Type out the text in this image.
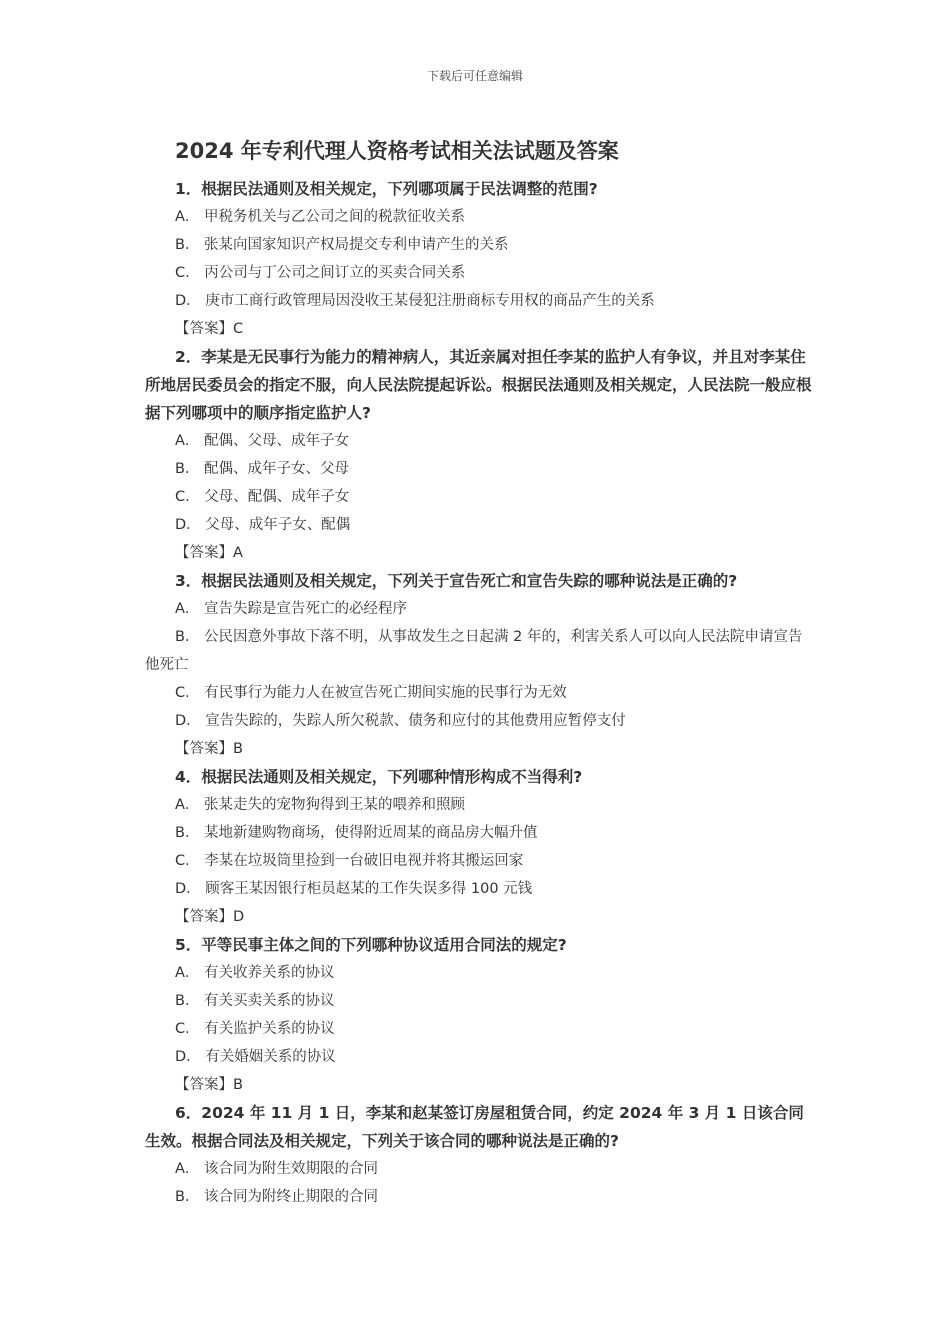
下载后可任意编辑
2024 年专利代理人资格考试相关法试题及答案

1．根据民法通则及相关规定，下列哪项属于民法调整的范围?

A． 甲税务机关与乙公司之间的税款征收关系

B． 张某向国家知识产权局提交专利申请产生的关系

C． 丙公司与丁公司之间订立的买卖合同关系

D． 庚市工商行政管理局因没收王某侵犯注册商标专用权的商品产生的关系

【答案】C

2．李某是无民事行为能力的精神病人，其近亲属对担任李某的监护人有争议，并且对李某住所地居民委员会的指定不服，向人民法院提起诉讼。根据民法通则及相关规定，人民法院一般应根据下列哪项中的顺序指定监护人?

A． 配偶、父母、成年子女

B． 配偶、成年子女、父母

C． 父母、配偶、成年子女

D． 父母、成年子女、配偶

【答案】A

3．根据民法通则及相关规定，下列关于宣告死亡和宣告失踪的哪种说法是正确的?

A． 宣告失踪是宣告死亡的必经程序

B． 公民因意外事故下落不明，从事故发生之日起满 2 年的，利害关系人可以向人民法院申请宣告他死亡

C． 有民事行为能力人在被宣告死亡期间实施的民事行为无效

D． 宣告失踪的，失踪人所欠税款、债务和应付的其他费用应暂停支付

【答案】B

4．根据民法通则及相关规定，下列哪种情形构成不当得利?

A． 张某走失的宠物狗得到王某的喂养和照顾

B． 某地新建购物商场，使得附近周某的商品房大幅升值

C． 李某在垃圾筒里捡到一台破旧电视并将其搬运回家

D． 顾客王某因银行柜员赵某的工作失误多得 100 元钱

【答案】D

5．平等民事主体之间的下列哪种协议适用合同法的规定?

A． 有关收养关系的协议

B． 有关买卖关系的协议

C． 有关监护关系的协议

D． 有关婚姻关系的协议

【答案】B

6．2024 年 11 月 1 日，李某和赵某签订房屋租赁合同，约定 2024 年 3 月 1 日该合同生效。根据合同法及相关规定，下列关于该合同的哪种说法是正确的?

A． 该合同为附生效期限的合同

B． 该合同为附终止期限的合同
